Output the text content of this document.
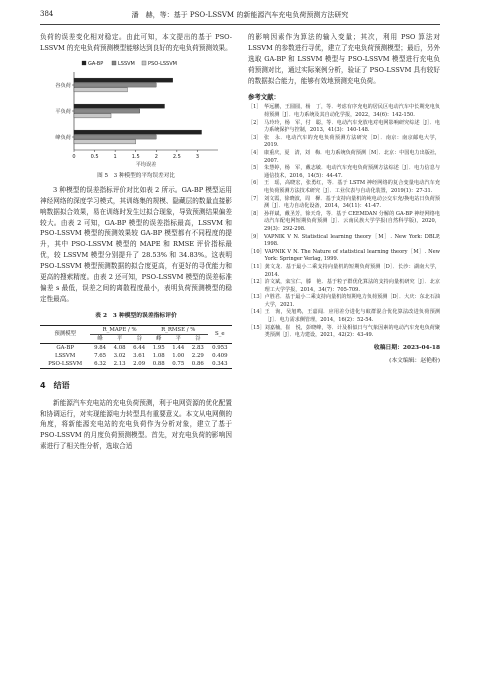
384	潘　赫，等：基于 PSO-LSSVM 的新能源汽车充电负荷预测方法研究

负荷的误差变化相对稳定。由此可知，本文提出的基于 PSO-LSSVM 的充电负荷预测模型能够达到良好的充电负荷预测效果。

GA-BP	LSSVM	PSO-LSSVM
0	0.5	1	1.5	2	2.5	3
平均误差
谷负荷
平负荷
峰负荷
图 5　3 种模型的平均误差对比

3 种模型的误差指标评价对比如表 2 所示。GA-BP 模型运用神经网络的深度学习模式，其训练集的规模、隐藏层的数量直接影响数据拟合效果，易在训练时发生过拟合现象，导致预测结果偏差较大。由表 2 可知，GA-BP 模型的误差指标最高，LSSVM 和 PSO-LSSVM 模型的预测效果较 GA-BP 模型都有不同程度的提升，其中 PSO-LSSVM 模型的 MAPE 和 RMSE 评价指标最优，较 LSSVM 模型分别提升了 28.53% 和 34.83%。这表明 PSO-LSSVM 模型预测数据的拟合度更高，有更好的寻优能力和更高的搜索精度。由表 2 还可知，PSO-LSSVM 模型的误差标准偏差 s 最低，误差之间的离散程度最小，表明负荷预测模型的稳定性最高。

表 2　3 种模型的误差指标评价
预测模型	R_MAPE / %			R_RMSE / %			S_e
	峰	平	谷	峰	平	谷	
GA-BP	9.84	4.08	6.44	1.95	1.44	2.83	0.953
LSSVM	7.65	3.02	3.61	1.08	1.00	2.29	0.409
PSO-LSSVM	6.32	2.13	2.09	0.88	0.75	0.86	0.343
4　结语

新能源汽车充电站的充电负荷预测，利于电网资源的优化配置和协调运行，对实现能源电力转型具有重要意义。本文从电网侧的角度，将新能源充电站的充电负荷作为分析对象，建立了基于 PSO-LSSVM 的月度负荷预测模型。首先，对充电负荷的影响因素进行了相关性分析，选取合适

的影响因素作为算法的输入变量；其次，利用 PSO 算法对 LSSVM 的参数进行寻优，建立了充电负荷预测模型；最后，另外选取 GA-BP 和 LSSVM 模型与 PSO-LSSVM 模型进行充电负荷预测对比，通过实际案例分析，验证了 PSO-LSSVM 具有较好的数据拟合能力，能够有效地预测充电负荷。

参考文献：
［1］ 华远鹏，王圆圆，杨　丁，等．考虑有序充电的居民区电动汽车中长期充电负荷预测［J］．电力系统及其自动化学报，2022，34(6)：142-150.
［2］ 马玲玲，杨　军，付　聪，等．电动汽车充放电对电网影响研究综述［J］．电力系统保护与控制，2013，41(3)：140-148.
［3］ 张　永．电动汽车的充电负荷预测方法研究［D］．南京：南京邮电大学，2019.
［4］ 康重庆，夏　清，刘　梅．电力系统负荷预测［M］．北京：中国电力出版社，2007.
［5］ 朱慧婷，杨　军，戴志敏．电动汽车充电负荷预测方法综述［J］．电力信息与通信技术，2016，14(5)：44-47.
［6］ 王　瑶，高晓宏，张勇红，等．基于 LSTM 神经网络的复合变量电动汽车充电负荷预测方法技术研究［J］．工业仪表与自动化装置，2019(1)：27-31.
［7］ 刘文霞，徐晓波，周　樨．基于支持向量机的纯电动公交车充/换电站日负荷预测［J］．电力自动化设备，2014，34(11)：41-47.
［8］ 孙祥斌，戴圣芳，徐天奇，等．基于 CEEMDAN 分解的 GA-BP 神经网络电动汽车配电网短期负荷预测［J］．云南民族大学学报(自然科学版)，2020，29(3)：292-298.
［9］ VAPNIK V N. Statistical learning theory［M］. New York: DBLP, 1998.
［10］ VAPNIK V N. The Nature of statistical learning theory［M］. New York: Springer Verlag, 1999.
［11］ 龚文龙．基于最小二乘支持向量机的短期负荷预测［D］．长沙：湖南大学，2014.
［12］ 許文斌，栾宝仁，滕　艳．基于粒子群优化算法的支持向量机研究［J］．北京理工大学学报，2014，34(7)：705-709.
［13］ 卢胜君．基于最小二乘支持向量机的短期电力负荷预测［D］．大庆：东北石油大学，2021.
［14］ 王　洵，吴旭鸣，王嘉闻．应用差分进化与蚁群混合优化算法改进负荷预测［J］．电力需求侧管理，2014，16(2)：52-54.
［15］ 刘嘉楠，崔　悦，彭晓峰，等．计及相似日与气象因素的电动汽车充电负荷聚类预测［J］．电力建设，2021，42(2)：43-49.
收稿日期：2023-04-18
(本文编辑：赵艳粉)
